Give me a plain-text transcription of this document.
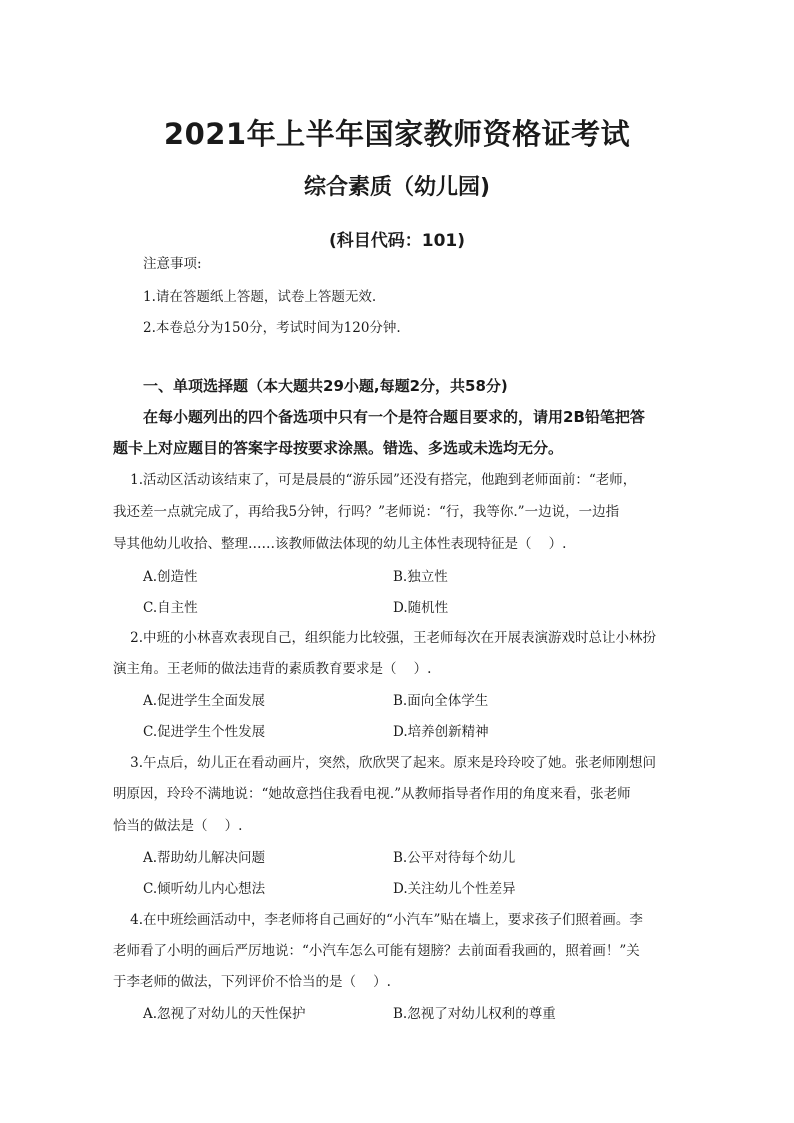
2021年上半年国家教师资格证考试
综合素质（幼儿园)
(科目代码：101)
注意事项:
1.请在答题纸上答题，试卷上答题无效.
2.本卷总分为150分，考试时间为120分钟.
一、单项选择题（本大题共29小题,每题2分，共58分)
在每小题列出的四个备选项中只有一个是符合题目要求的，请用2B铅笔把答
题卡上对应题目的答案字母按要求涂黑。错选、多选或未选均无分。
1.活动区活动该结束了，可是晨晨的“游乐园”还没有搭完，他跑到老师面前：“老师，
我还差一点就完成了，再给我5分钟，行吗？”老师说：“行，我等你.”一边说，一边指
导其他幼儿收拾、整理……该教师做法体现的幼儿主体性表现特征是（    ）.
A.创造性	B.独立性
C.自主性	D.随机性
2.中班的小林喜欢表现自己，组织能力比较强，王老师每次在开展表演游戏时总让小林扮
演主角。王老师的做法违背的素质教育要求是（    ）.
A.促进学生全面发展	B.面向全体学生
C.促进学生个性发展	D.培养创新精神
3.午点后，幼儿正在看动画片，突然，欣欣哭了起来。原来是玲玲咬了她。张老师刚想问
明原因，玲玲不满地说：“她故意挡住我看电视.”从教师指导者作用的角度来看，张老师
恰当的做法是（    ）.
A.帮助幼儿解决问题	B.公平对待每个幼儿
C.倾听幼儿内心想法	D.关注幼儿个性差异
4.在中班绘画活动中，李老师将自己画好的“小汽车”贴在墙上，要求孩子们照着画。李
老师看了小明的画后严厉地说：“小汽车怎么可能有翅膀？去前面看我画的，照着画！”关
于李老师的做法，下列评价不恰当的是（    ）.
A.忽视了对幼儿的天性保护	B.忽视了对幼儿权利的尊重
